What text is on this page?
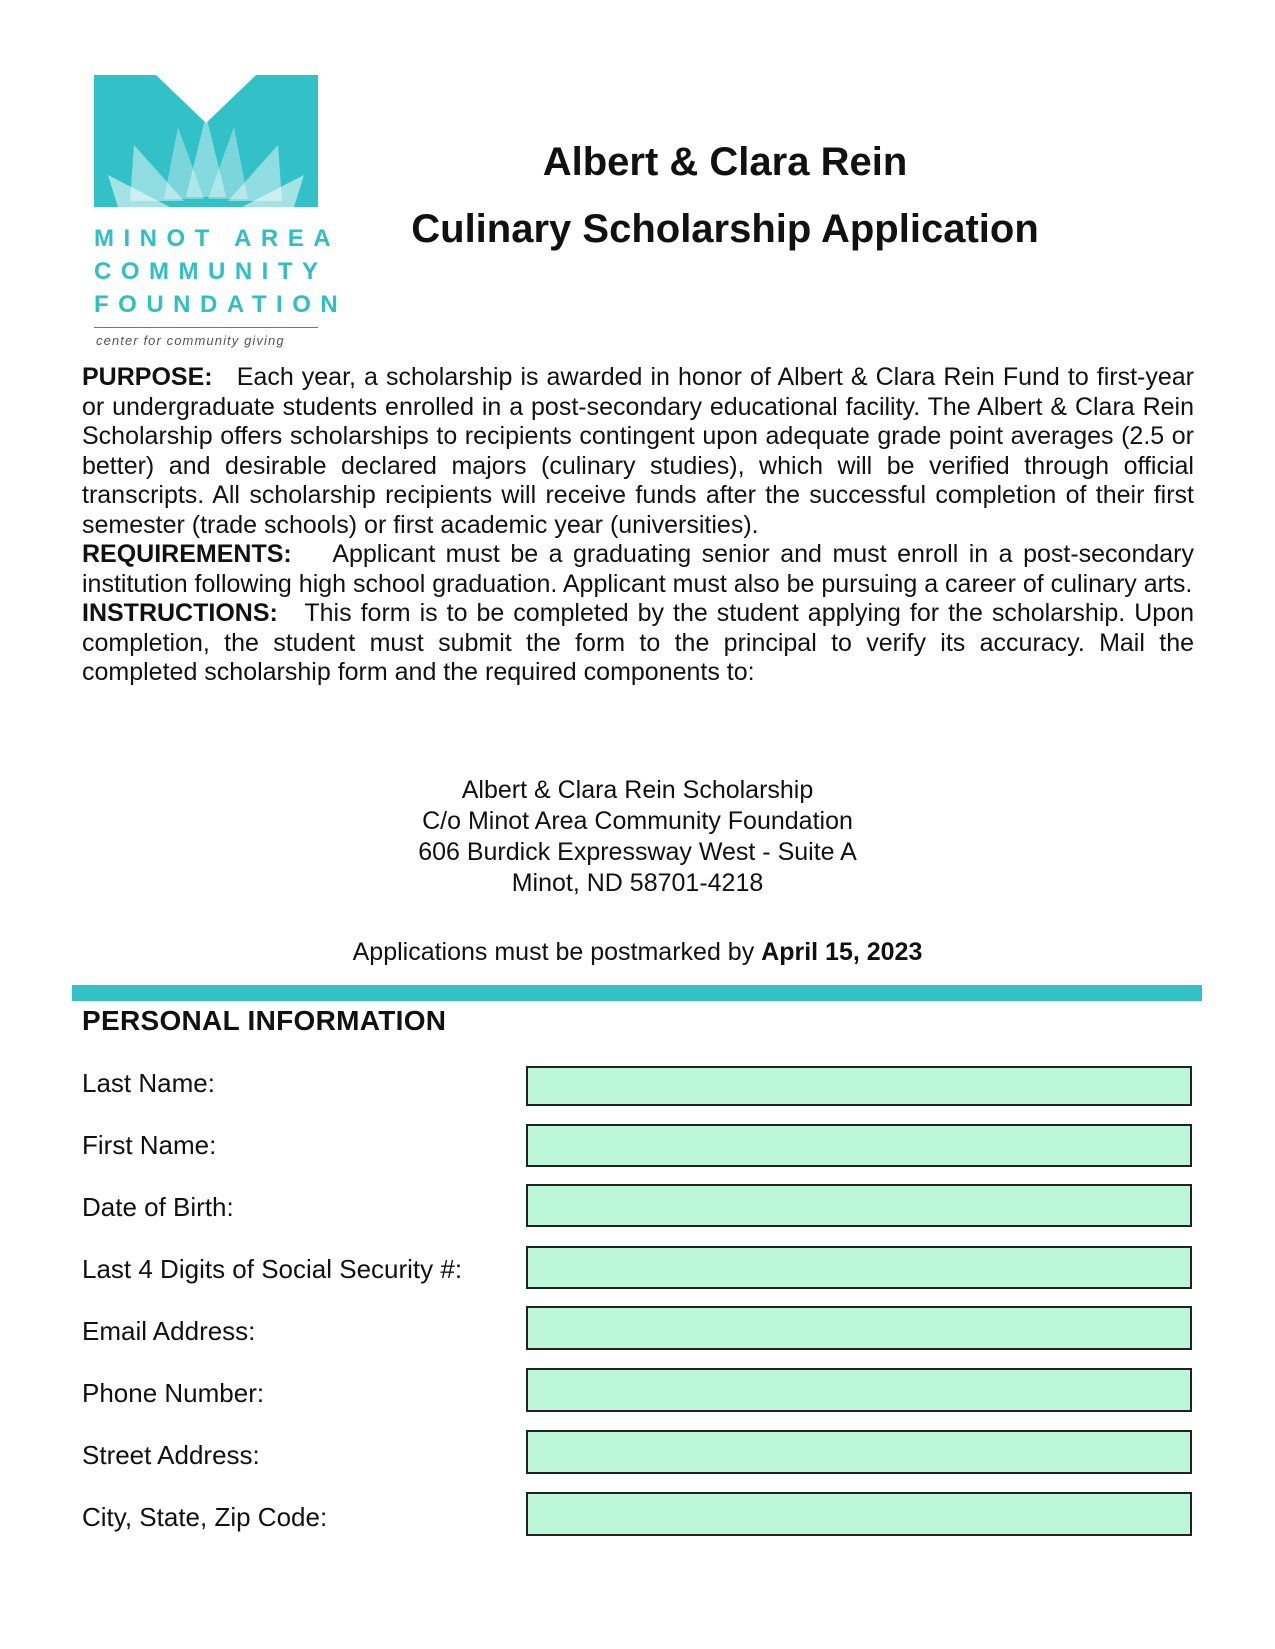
MINOT AREA
COMMUNITY
FOUNDATION
center for community giving
Albert & Clara Rein
Culinary Scholarship Application

PURPOSE: Each year, a scholarship is awarded in honor of Albert & Clara Rein Fund to first-year or undergraduate students enrolled in a post-secondary educational facility. The Albert & Clara Rein Scholarship offers scholarships to recipients contingent upon adequate grade point averages (2.5 or better) and desirable declared majors (culinary studies), which will be verified through official transcripts. All scholarship recipients will receive funds after the successful completion of their first semester (trade schools) or first academic year (universities).

REQUIREMENTS: Applicant must be a graduating senior and must enroll in a post-secondary institution following high school graduation. Applicant must also be pursuing a career of culinary arts.

INSTRUCTIONS: This form is to be completed by the student applying for the scholarship. Upon completion, the student must submit the form to the principal to verify its accuracy. Mail the completed scholarship form and the required components to:

Albert & Clara Rein Scholarship
C/o Minot Area Community Foundation
606 Burdick Expressway West - Suite A
Minot, ND 58701-4218
Applications must be postmarked by April 15, 2023
PERSONAL INFORMATION
Last Name:
First Name:
Date of Birth:
Last 4 Digits of Social Security #:
Email Address:
Phone Number:
Street Address:
City, State, Zip Code:
